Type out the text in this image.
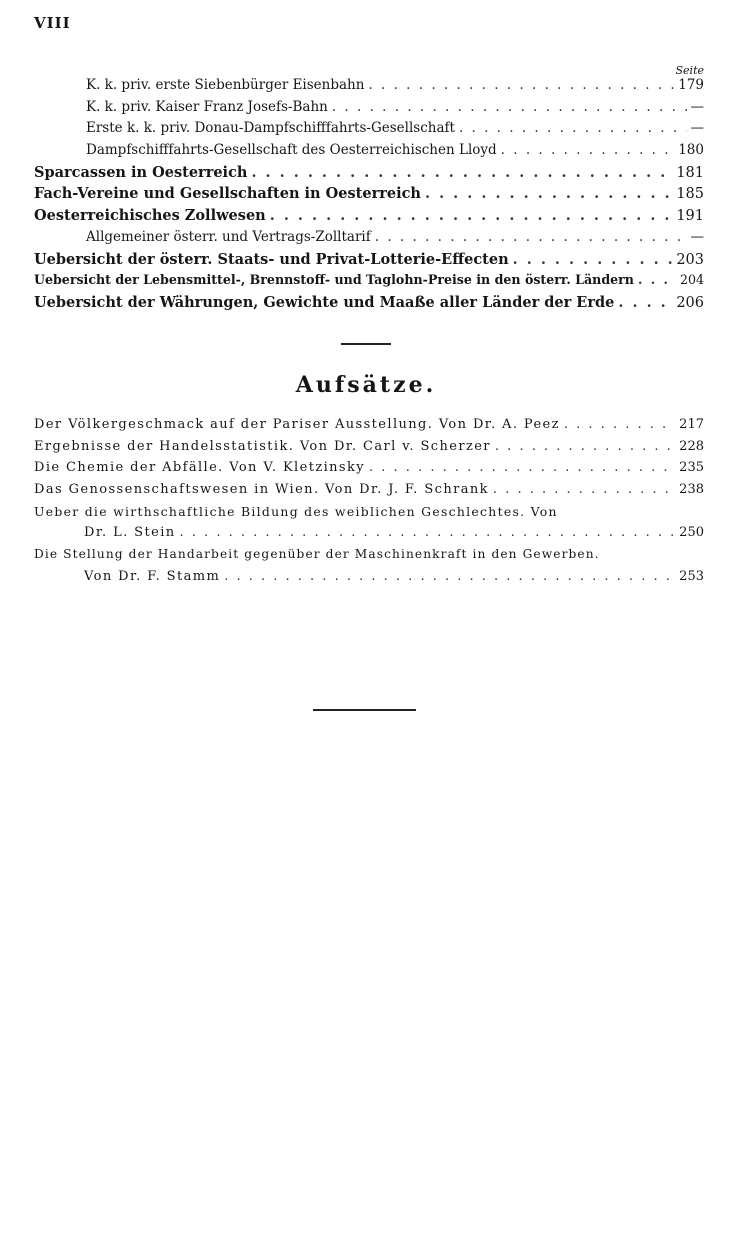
VIII
Seite
K. k. priv. erste Siebenbürger Eisenbahn . . .	179
K. k. priv. Kaiser Franz Josefs-Bahn . . .	—
Erste k. k. priv. Donau-Dampfschifffahrts-Gesellschaft . . .	—
Dampfschifffahrts-Gesellschaft des Oesterreichischen Lloyd . . .	180
Sparcassen in Oesterreich . . .	181
Fach-Vereine und Gesellschaften in Oesterreich . . .	185
Oesterreichisches Zollwesen . . .	191
Allgemeiner österr. und Vertrags-Zolltarif . . .	—
Uebersicht der österr. Staats- und Privat-Lotterie-Effecten . . .	203
Uebersicht der Lebensmittel-, Brennstoff- und Taglohn-Preise in den österr. Ländern . . .	204
Uebersicht der Währungen, Gewichte und Maaße aller Länder der Erde . . .	206
Aufsätze.
Der Völkergeschmack auf der Pariser Ausstellung. Von Dr. A. Peez . . .	217
Ergebnisse der Handelsstatistik. Von Dr. Carl v. Scherzer . . .	228
Die Chemie der Abfälle. Von V. Kletzinsky . . .	235
Das Genossenschaftswesen in Wien. Von Dr. J. F. Schrank . . .	238
Ueber die wirthschaftliche Bildung des weiblichen Geschlechtes. Von
Dr. L. Stein . . .	250
Die Stellung der Handarbeit gegenüber der Maschinenkraft in den Gewerben.
Von Dr. F. Stamm . . .	253
